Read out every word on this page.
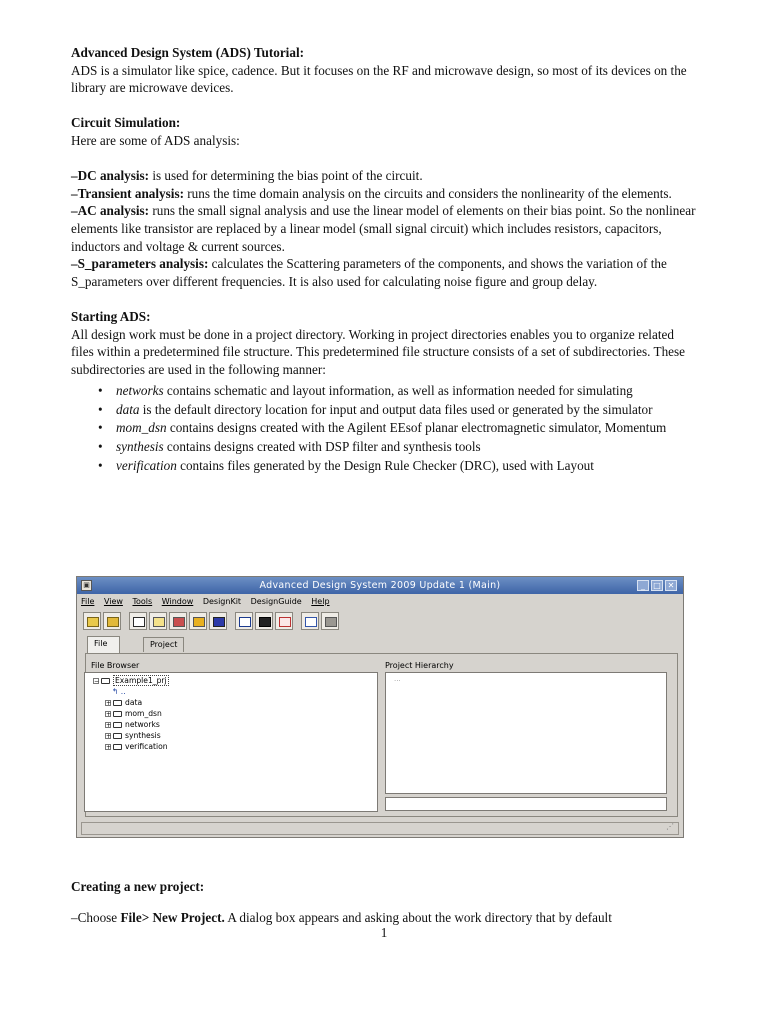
Advanced Design System (ADS) Tutorial:

ADS is a simulator like spice, cadence. But it focuses on the RF and microwave design, so most of its devices on the library are microwave devices.

Circuit Simulation:

Here are some of ADS analysis:

–DC analysis: is used for determining the bias point of the circuit.

–Transient analysis: runs the time domain analysis on the circuits and considers the nonlinearity of the elements.

–AC analysis: runs the small signal analysis and use the linear model of elements on their bias point. So the nonlinear elements like transistor are replaced by a linear model (small signal circuit) which includes resistors, capacitors, inductors and voltage & current sources.

–S_parameters analysis: calculates the Scattering parameters of the components, and shows the variation of the S_parameters over different frequencies. It is also used for calculating noise figure and group delay.

Starting ADS:

All design work must be done in a project directory. Working in project directories enables you to organize related files within a predetermined file structure. This predetermined file structure consists of a set of subdirectories. These subdirectories are used in the following manner:

• networks contains schematic and layout information, as well as information needed for simulating
• data is the default directory location for input and output data files used or generated by the simulator
• mom_dsn contains designs created with the Agilent EEsof planar electromagnetic simulator, Momentum
• synthesis contains designs created with DSP filter and synthesis tools
• verification contains files generated by the Design Rule Checker (DRC), used with Layout
▣	Advanced Design System 2009 Update 1 (Main)	_	□ ✕
File View Tools Window DesignKit DesignGuide Help
File	Project
File Browser	Project Hierarchy
− Example1_prj
↰ ..
+ data
+ mom_dsn
+ networks
+ synthesis
+ verification
...
⋰

Creating a new project:

–Choose File> New Project. A dialog box appears and asking about the work directory that by default

1
